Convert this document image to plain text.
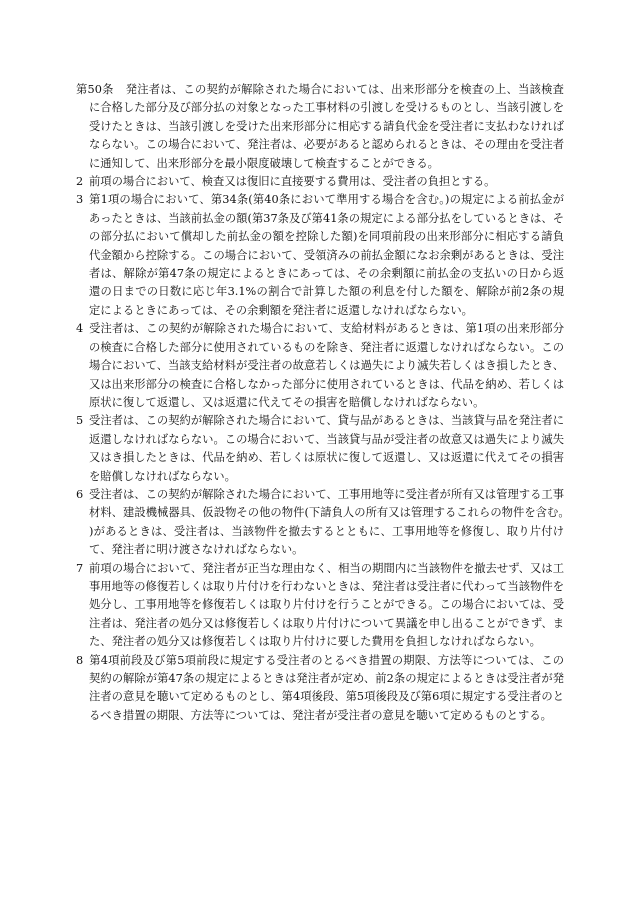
第50条 発注者は、この契約が解除された場合においては、出来形部分を検査の上、当該検査に合格した部分及び部分払の対象となった工事材料の引渡しを受けるものとし、当該引渡しを受けたときは、当該引渡しを受けた出来形部分に相応する請負代金を受注者に支払わなければならない。この場合において、発注者は、必要があると認められるときは、その理由を受注者に通知して、出来形部分を最小限度破壊して検査することができる。

2 前項の場合において、検査又は復旧に直接要する費用は、受注者の負担とする。

3 第1項の場合において、第34条(第40条において準用する場合を含む。)の規定による前払金があったときは、当該前払金の額(第37条及び第41条の規定による部分払をしているときは、その部分払において償却した前払金の額を控除した額)を同項前段の出来形部分に相応する請負代金額から控除する。この場合において、受領済みの前払金額になお余剰があるときは、受注者は、解除が第47条の規定によるときにあっては、その余剰額に前払金の支払いの日から返還の日までの日数に応じ年3.1%の割合で計算した額の利息を付した額を、解除が前2条の規定によるときにあっては、その余剰額を発注者に返還しなければならない。

4 受注者は、この契約が解除された場合において、支給材料があるときは、第1項の出来形部分の検査に合格した部分に使用されているものを除き、発注者に返還しなければならない。この場合において、当該支給材料が受注者の故意若しくは過失により滅失若しくはき損したとき、又は出来形部分の検査に合格しなかった部分に使用されているときは、代品を納め、若しくは原状に復して返還し、又は返還に代えてその損害を賠償しなければならない。

5 受注者は、この契約が解除された場合において、貸与品があるときは、当該貸与品を発注者に返還しなければならない。この場合において、当該貸与品が受注者の故意又は過失により滅失又はき損したときは、代品を納め、若しくは原状に復して返還し、又は返還に代えてその損害を賠償しなければならない。

6 受注者は、この契約が解除された場合において、工事用地等に受注者が所有又は管理する工事材料、建設機械器具、仮設物その他の物件(下請負人の所有又は管理するこれらの物件を含む。)があるときは、受注者は、当該物件を撤去するとともに、工事用地等を修復し、取り片付けて、発注者に明け渡さなければならない。

7 前項の場合において、発注者が正当な理由なく、相当の期間内に当該物件を撤去せず、又は工事用地等の修復若しくは取り片付けを行わないときは、発注者は受注者に代わって当該物件を処分し、工事用地等を修復若しくは取り片付けを行うことができる。この場合においては、受注者は、発注者の処分又は修復若しくは取り片付けについて異議を申し出ることができず、また、発注者の処分又は修復若しくは取り片付けに要した費用を負担しなければならない。

8 第4項前段及び第5項前段に規定する受注者のとるべき措置の期限、方法等については、この契約の解除が第47条の規定によるときは発注者が定め、前2条の規定によるときは受注者が発注者の意見を聴いて定めるものとし、第4項後段、第5項後段及び第6項に規定する受注者のとるべき措置の期限、方法等については、発注者が受注者の意見を聴いて定めるものとする。
